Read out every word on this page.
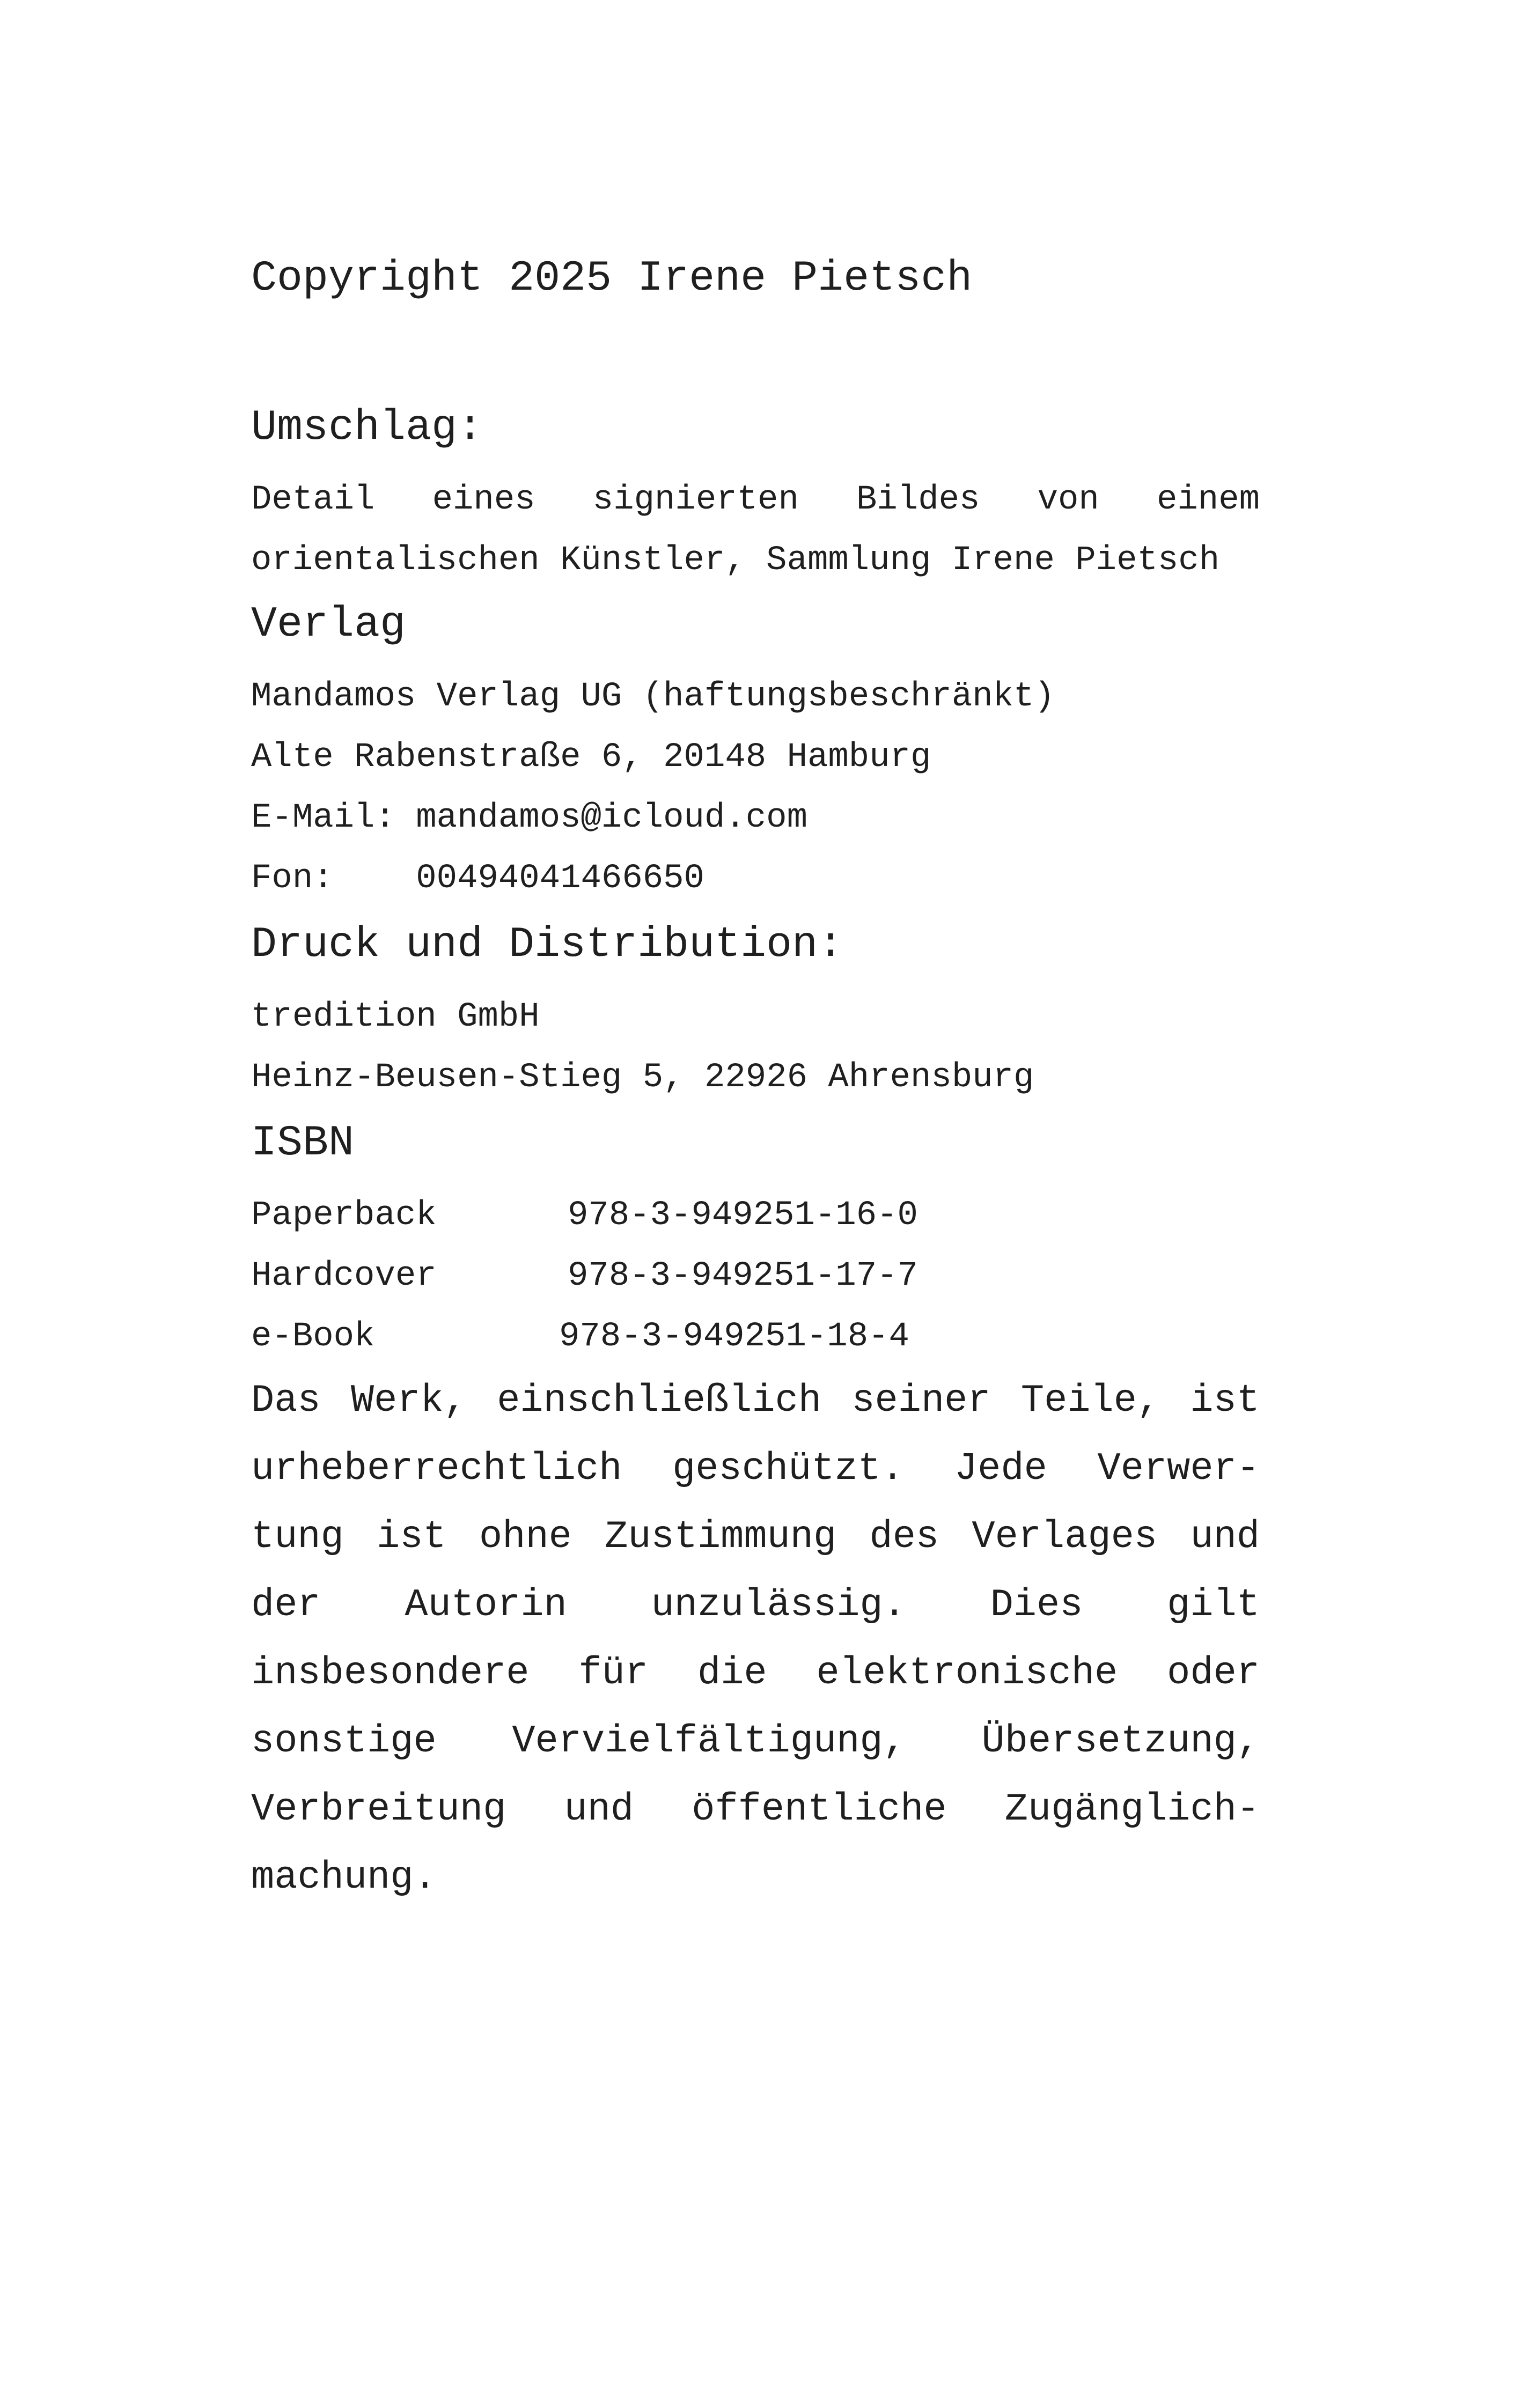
Copyright 2025 Irene Pietsch
Umschlag:
Detail eines signierten Bildes von einem orientalischen Künstler, Sammlung Irene Pietsch
Verlag
Mandamos Verlag UG (haftungsbeschränkt)
Alte Rabenstraße 6, 20148 Hamburg
E-Mail: mandamos@icloud.com
Fon: 00494041466650
Druck und Distribution:
tredition GmbH
Heinz-Beusen-Stieg 5, 22926 Ahrensburg
ISBN
Paperback	978-3-949251-16-0
Hardcover	978-3-949251-17-7
e-Book	978-3-949251-18-4
Das Werk, einschließlich seiner Teile, ist
urheberrechtlich geschützt. Jede Verwer-
tung ist ohne Zustimmung des Verlages und
der Autorin unzulässig. Dies gilt
insbesondere für die elektronische oder
sonstige Vervielfältigung, Übersetzung,
Verbreitung und öffentliche Zugänglich-
machung.
